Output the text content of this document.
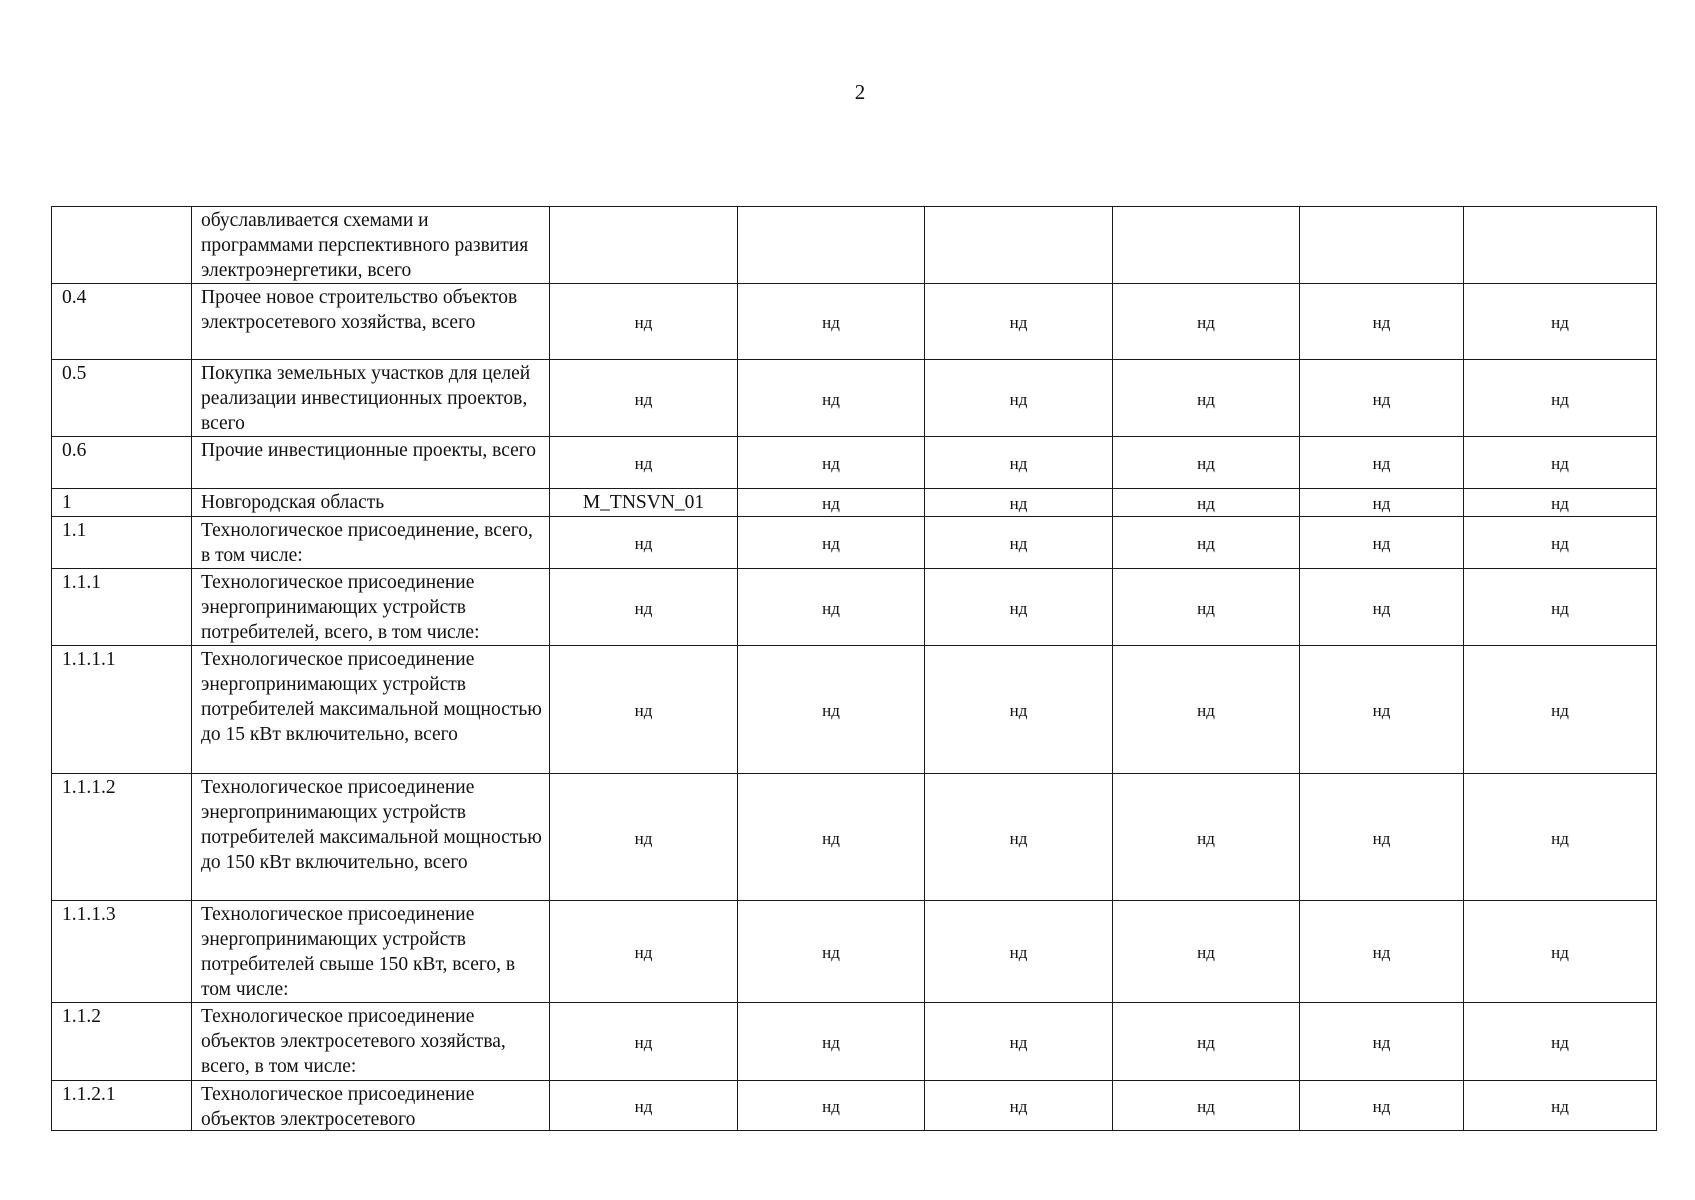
2
	обуславливается схемами и программами перспективного развития электроэнергетики, всего						
0.4	Прочее новое строительство объектов электросетевого хозяйства, всего	нд	нд	нд	нд	нд	нд
0.5	Покупка земельных участков для целей реализации инвестиционных проектов, всего	нд	нд	нд	нд	нд	нд
0.6	Прочие инвестиционные проекты, всего	нд	нд	нд	нд	нд	нд
1	Новгородская область	M_TNSVN_01	нд	нд	нд	нд	нд
1.1	Технологическое присоединение, всего, в том числе:	нд	нд	нд	нд	нд	нд
1.1.1	Технологическое присоединение энергопринимающих устройств потребителей, всего, в том числе:	нд	нд	нд	нд	нд	нд
1.1.1.1	Технологическое присоединение энергопринимающих устройств потребителей максимальной мощностью до 15 кВт включительно, всего	нд	нд	нд	нд	нд	нд
1.1.1.2	Технологическое присоединение энергопринимающих устройств потребителей максимальной мощностью до 150 кВт включительно, всего	нд	нд	нд	нд	нд	нд
1.1.1.3	Технологическое присоединение энергопринимающих устройств потребителей свыше 150 кВт, всего, в том числе:	нд	нд	нд	нд	нд	нд
1.1.2	Технологическое присоединение объектов электросетевого хозяйства, всего, в том числе:	нд	нд	нд	нд	нд	нд
1.1.2.1	Технологическое присоединение объектов электросетевого	нд	нд	нд	нд	нд	нд
